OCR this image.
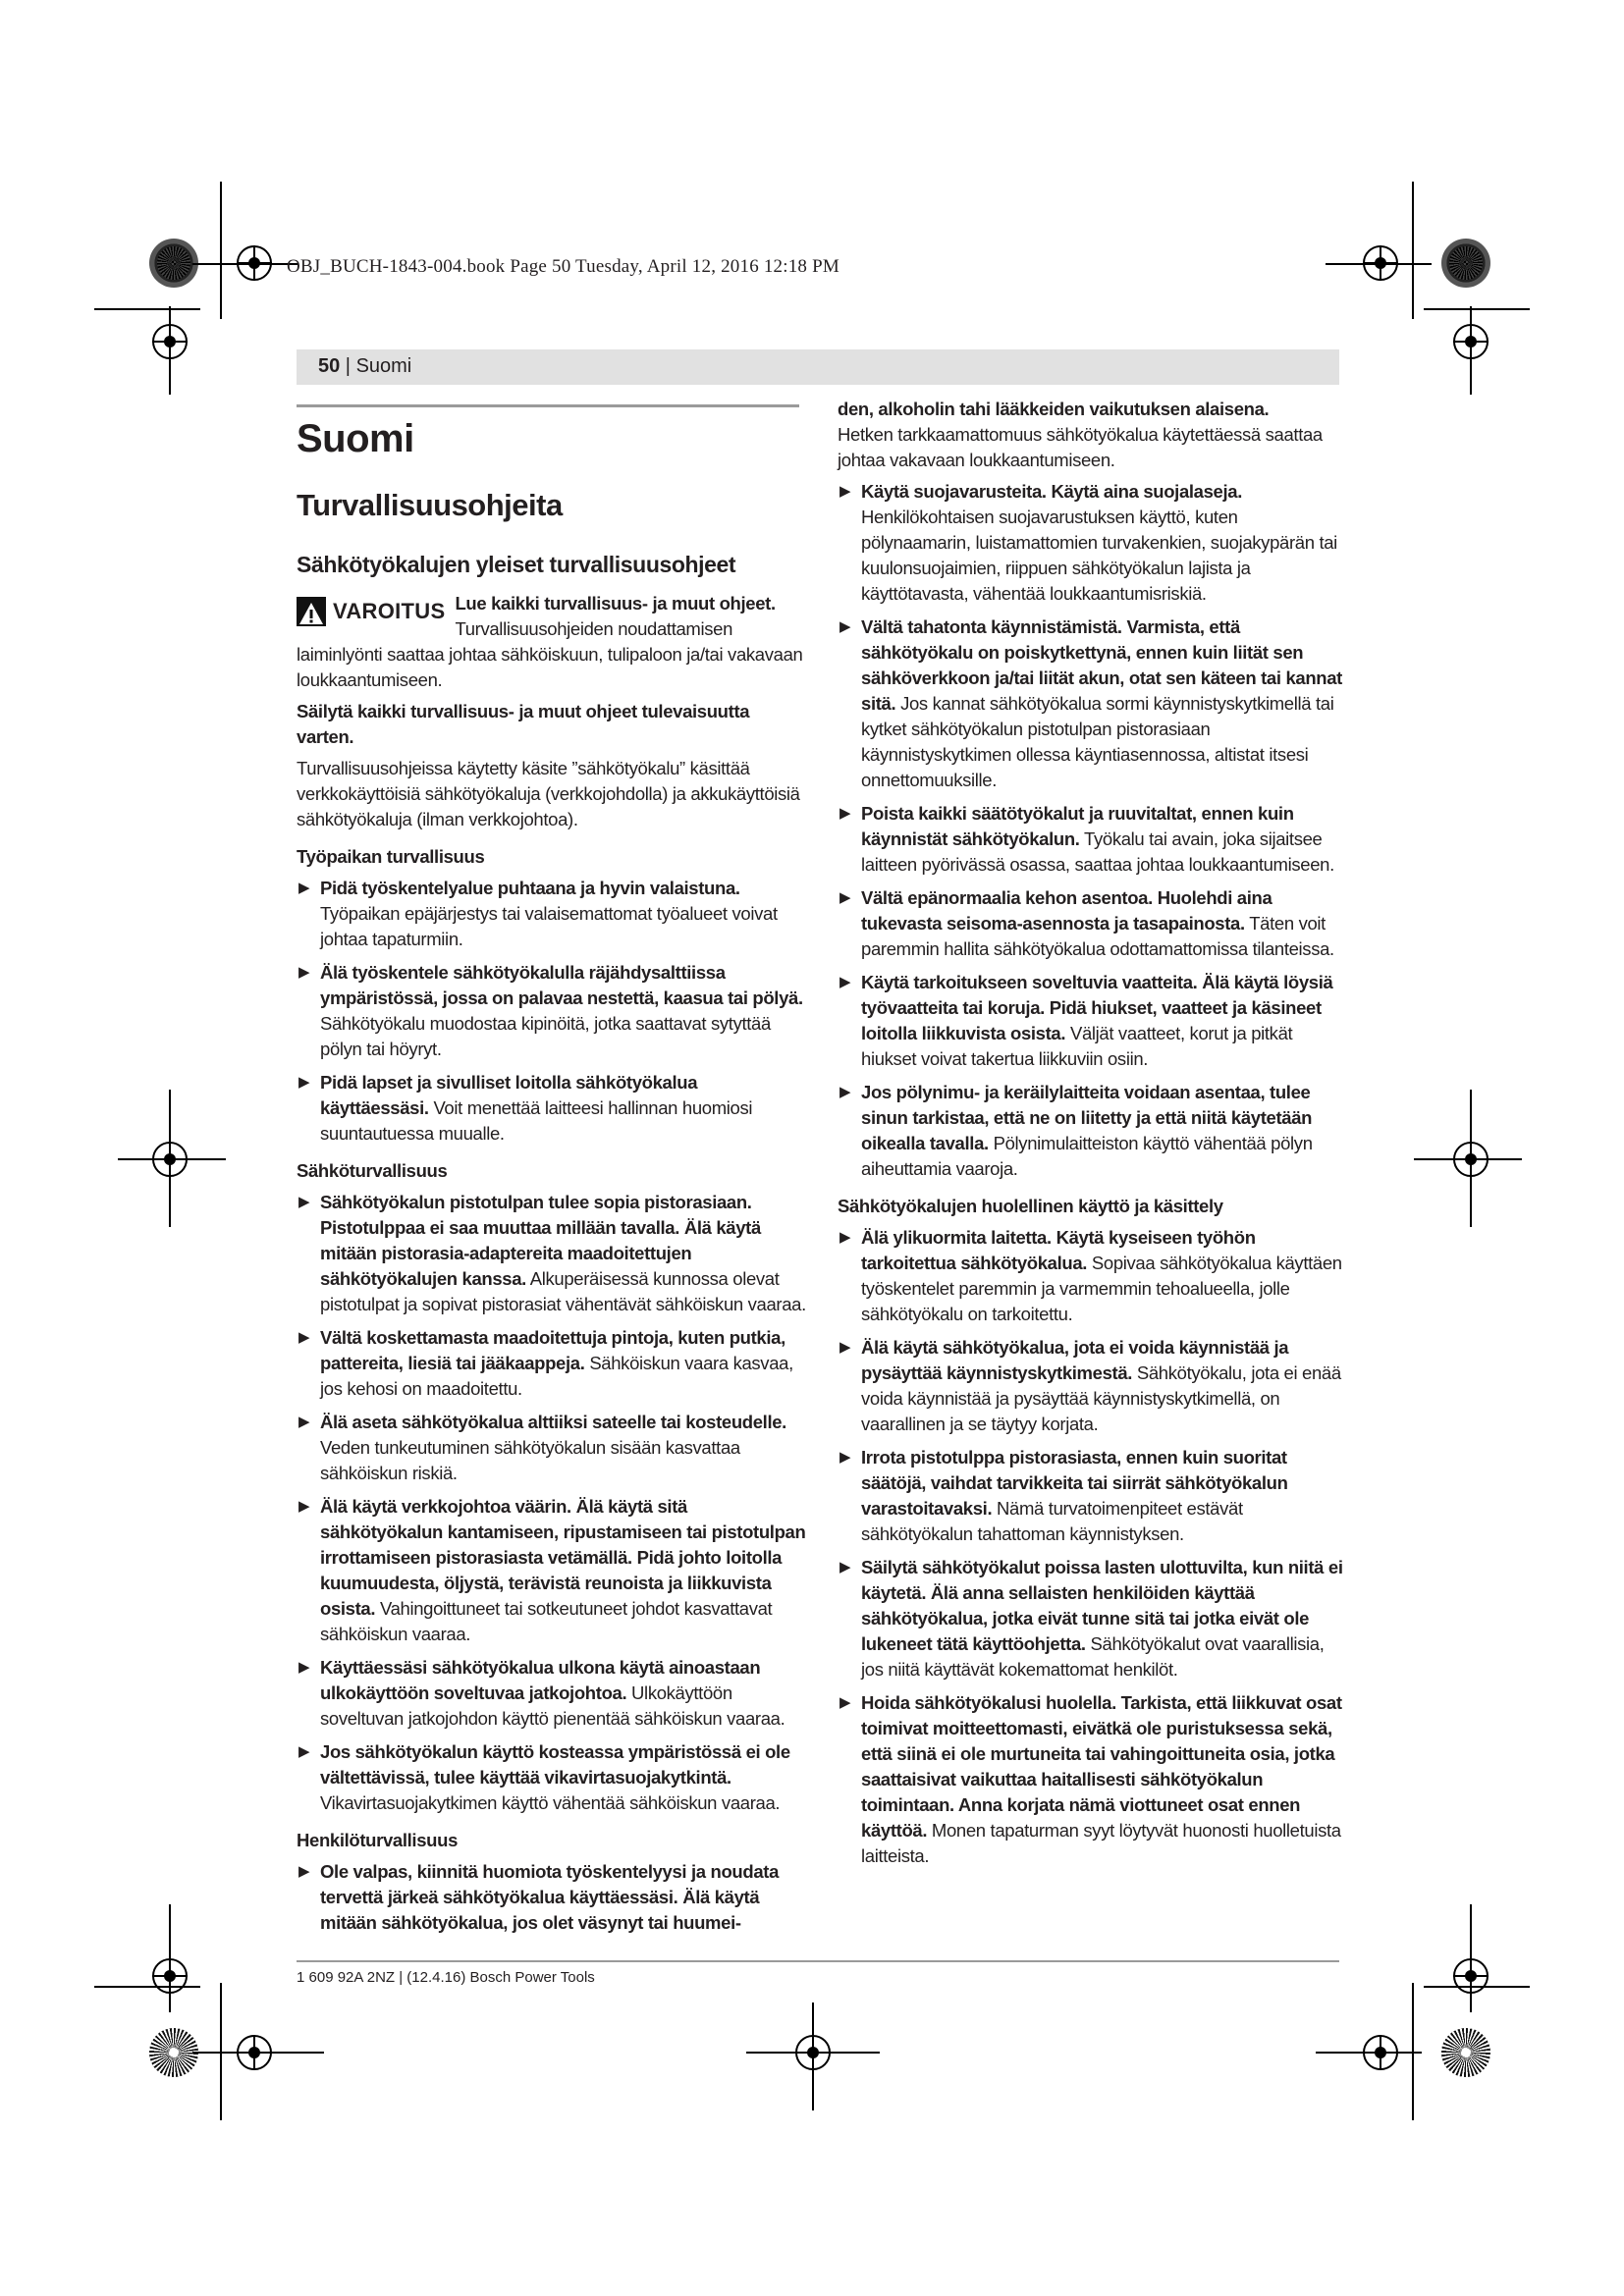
OBJ_BUCH-1843-004.book Page 50 Tuesday, April 12, 2016 12:18 PM
50 | Suomi
Suomi
Turvallisuusohjeita
Sähkötyökalujen yleiset turvallisuusohjeet
VAROITUS Lue kaikki turvallisuus- ja muut ohjeet. Turvallisuusohjeiden noudattamisen laiminlyönti saattaa johtaa sähköiskuun, tulipaloon ja/tai vakavaan loukkaantumiseen.

Säilytä kaikki turvallisuus- ja muut ohjeet tulevaisuutta varten.

Turvallisuusohjeissa käytetty käsite ”sähkötyökalu” käsittää verkkokäyttöisiä sähkötyökaluja (verkkojohdolla) ja akkukäyttöisiä sähkötyökaluja (ilman verkkojohtoa).

Työpaikan turvallisuus
▶ Pidä työskentelyalue puhtaana ja hyvin valaistuna. Työpaikan epäjärjestys tai valaisemattomat työalueet voivat johtaa tapaturmiin.
▶ Älä työskentele sähkötyökalulla räjähdysalttiissa ympäristössä, jossa on palavaa nestettä, kaasua tai pölyä. Sähkötyökalu muodostaa kipinöitä, jotka saattavat sytyttää pölyn tai höyryt.
▶ Pidä lapset ja sivulliset loitolla sähkötyökalua käyttäessäsi. Voit menettää laitteesi hallinnan huomiosi suuntautuessa muualle.
Sähköturvallisuus
▶ Sähkötyökalun pistotulpan tulee sopia pistorasiaan. Pistotulppaa ei saa muuttaa millään tavalla. Älä käytä mitään pistorasia-adaptereita maadoitettujen sähkötyökalujen kanssa. Alkuperäisessä kunnossa olevat pistotulpat ja sopivat pistorasiat vähentävät sähköiskun vaaraa.
▶ Vältä koskettamasta maadoitettuja pintoja, kuten putkia, pattereita, liesiä tai jääkaappeja. Sähköiskun vaara kasvaa, jos kehosi on maadoitettu.
▶ Älä aseta sähkötyökalua alttiiksi sateelle tai kosteudelle. Veden tunkeutuminen sähkötyökalun sisään kasvattaa sähköiskun riskiä.
▶ Älä käytä verkkojohtoa väärin. Älä käytä sitä sähkötyökalun kantamiseen, ripustamiseen tai pistotulpan irrottamiseen pistorasiasta vetämällä. Pidä johto loitolla kuumuudesta, öljystä, terävistä reunoista ja liikkuvista osista. Vahingoittuneet tai sotkeutuneet johdot kasvattavat sähköiskun vaaraa.
▶ Käyttäessäsi sähkötyökalua ulkona käytä ainoastaan ulkokäyttöön soveltuvaa jatkojohtoa. Ulkokäyttöön soveltuvan jatkojohdon käyttö pienentää sähköiskun vaaraa.
▶ Jos sähkötyökalun käyttö kosteassa ympäristössä ei ole vältettävissä, tulee käyttää vikavirtasuojakytkintä. Vikavirtasuojakytkimen käyttö vähentää sähköiskun vaaraa.
Henkilöturvallisuus
▶ Ole valpas, kiinnitä huomiota työskentelyysi ja noudata tervettä järkeä sähkötyökalua käyttäessäsi. Älä käytä mitään sähkötyökalua, jos olet väsynyt tai huumei-

den, alkoholin tahi lääkkeiden vaikutuksen alaisena.
Hetken tarkkaamattomuus sähkötyökalua käytettäessä saattaa johtaa vakavaan loukkaantumiseen.

▶ Käytä suojavarusteita. Käytä aina suojalaseja. Henkilökohtaisen suojavarustuksen käyttö, kuten pölynaamarin, luistamattomien turvakenkien, suojakypärän tai kuulonsuojaimien, riippuen sähkötyökalun lajista ja käyttötavasta, vähentää loukkaantumisriskiä.
▶ Vältä tahatonta käynnistämistä. Varmista, että sähkötyökalu on poiskytkettynä, ennen kuin liität sen sähköverkkoon ja/tai liität akun, otat sen käteen tai kannat sitä. Jos kannat sähkötyökalua sormi käynnistyskytkimellä tai kytket sähkötyökalun pistotulpan pistorasiaan käynnistyskytkimen ollessa käyntiasennossa, altistat itsesi onnettomuuksille.
▶ Poista kaikki säätötyökalut ja ruuvitaltat, ennen kuin käynnistät sähkötyökalun. Työkalu tai avain, joka sijaitsee laitteen pyörivässä osassa, saattaa johtaa loukkaantumiseen.
▶ Vältä epänormaalia kehon asentoa. Huolehdi aina tukevasta seisoma-asennosta ja tasapainosta. Täten voit paremmin hallita sähkötyökalua odottamattomissa tilanteissa.
▶ Käytä tarkoitukseen soveltuvia vaatteita. Älä käytä löysiä työvaatteita tai koruja. Pidä hiukset, vaatteet ja käsineet loitolla liikkuvista osista. Väljät vaatteet, korut ja pitkät hiukset voivat takertua liikkuviin osiin.
▶ Jos pölynimu- ja keräilylaitteita voidaan asentaa, tulee sinun tarkistaa, että ne on liitetty ja että niitä käytetään oikealla tavalla. Pölynimulaitteiston käyttö vähentää pölyn aiheuttamia vaaroja.
Sähkötyökalujen huolellinen käyttö ja käsittely
▶ Älä ylikuormita laitetta. Käytä kyseiseen työhön tarkoitettua sähkötyökalua. Sopivaa sähkötyökalua käyttäen työskentelet paremmin ja varmemmin tehoalueella, jolle sähkötyökalu on tarkoitettu.
▶ Älä käytä sähkötyökalua, jota ei voida käynnistää ja pysäyttää käynnistyskytkimestä. Sähkötyökalu, jota ei enää voida käynnistää ja pysäyttää käynnistyskytkimellä, on vaarallinen ja se täytyy korjata.
▶ Irrota pistotulppa pistorasiasta, ennen kuin suoritat säätöjä, vaihdat tarvikkeita tai siirrät sähkötyökalun varastoitavaksi. Nämä turvatoimenpiteet estävät sähkötyökalun tahattoman käynnistyksen.
▶ Säilytä sähkötyökalut poissa lasten ulottuvilta, kun niitä ei käytetä. Älä anna sellaisten henkilöiden käyttää sähkötyökalua, jotka eivät tunne sitä tai jotka eivät ole lukeneet tätä käyttöohjetta. Sähkötyökalut ovat vaarallisia, jos niitä käyttävät kokemattomat henkilöt.
▶ Hoida sähkötyökalusi huolella. Tarkista, että liikkuvat osat toimivat moitteettomasti, eivätkä ole puristuksessa sekä, että siinä ei ole murtuneita tai vahingoittuneita osia, jotka saattaisivat vaikuttaa haitallisesti sähkötyökalun toimintaan. Anna korjata nämä viottuneet osat ennen käyttöä. Monen tapaturman syyt löytyvät huonosti huolletuista laitteista.
1 609 92A 2NZ | (12.4.16) Bosch Power Tools
